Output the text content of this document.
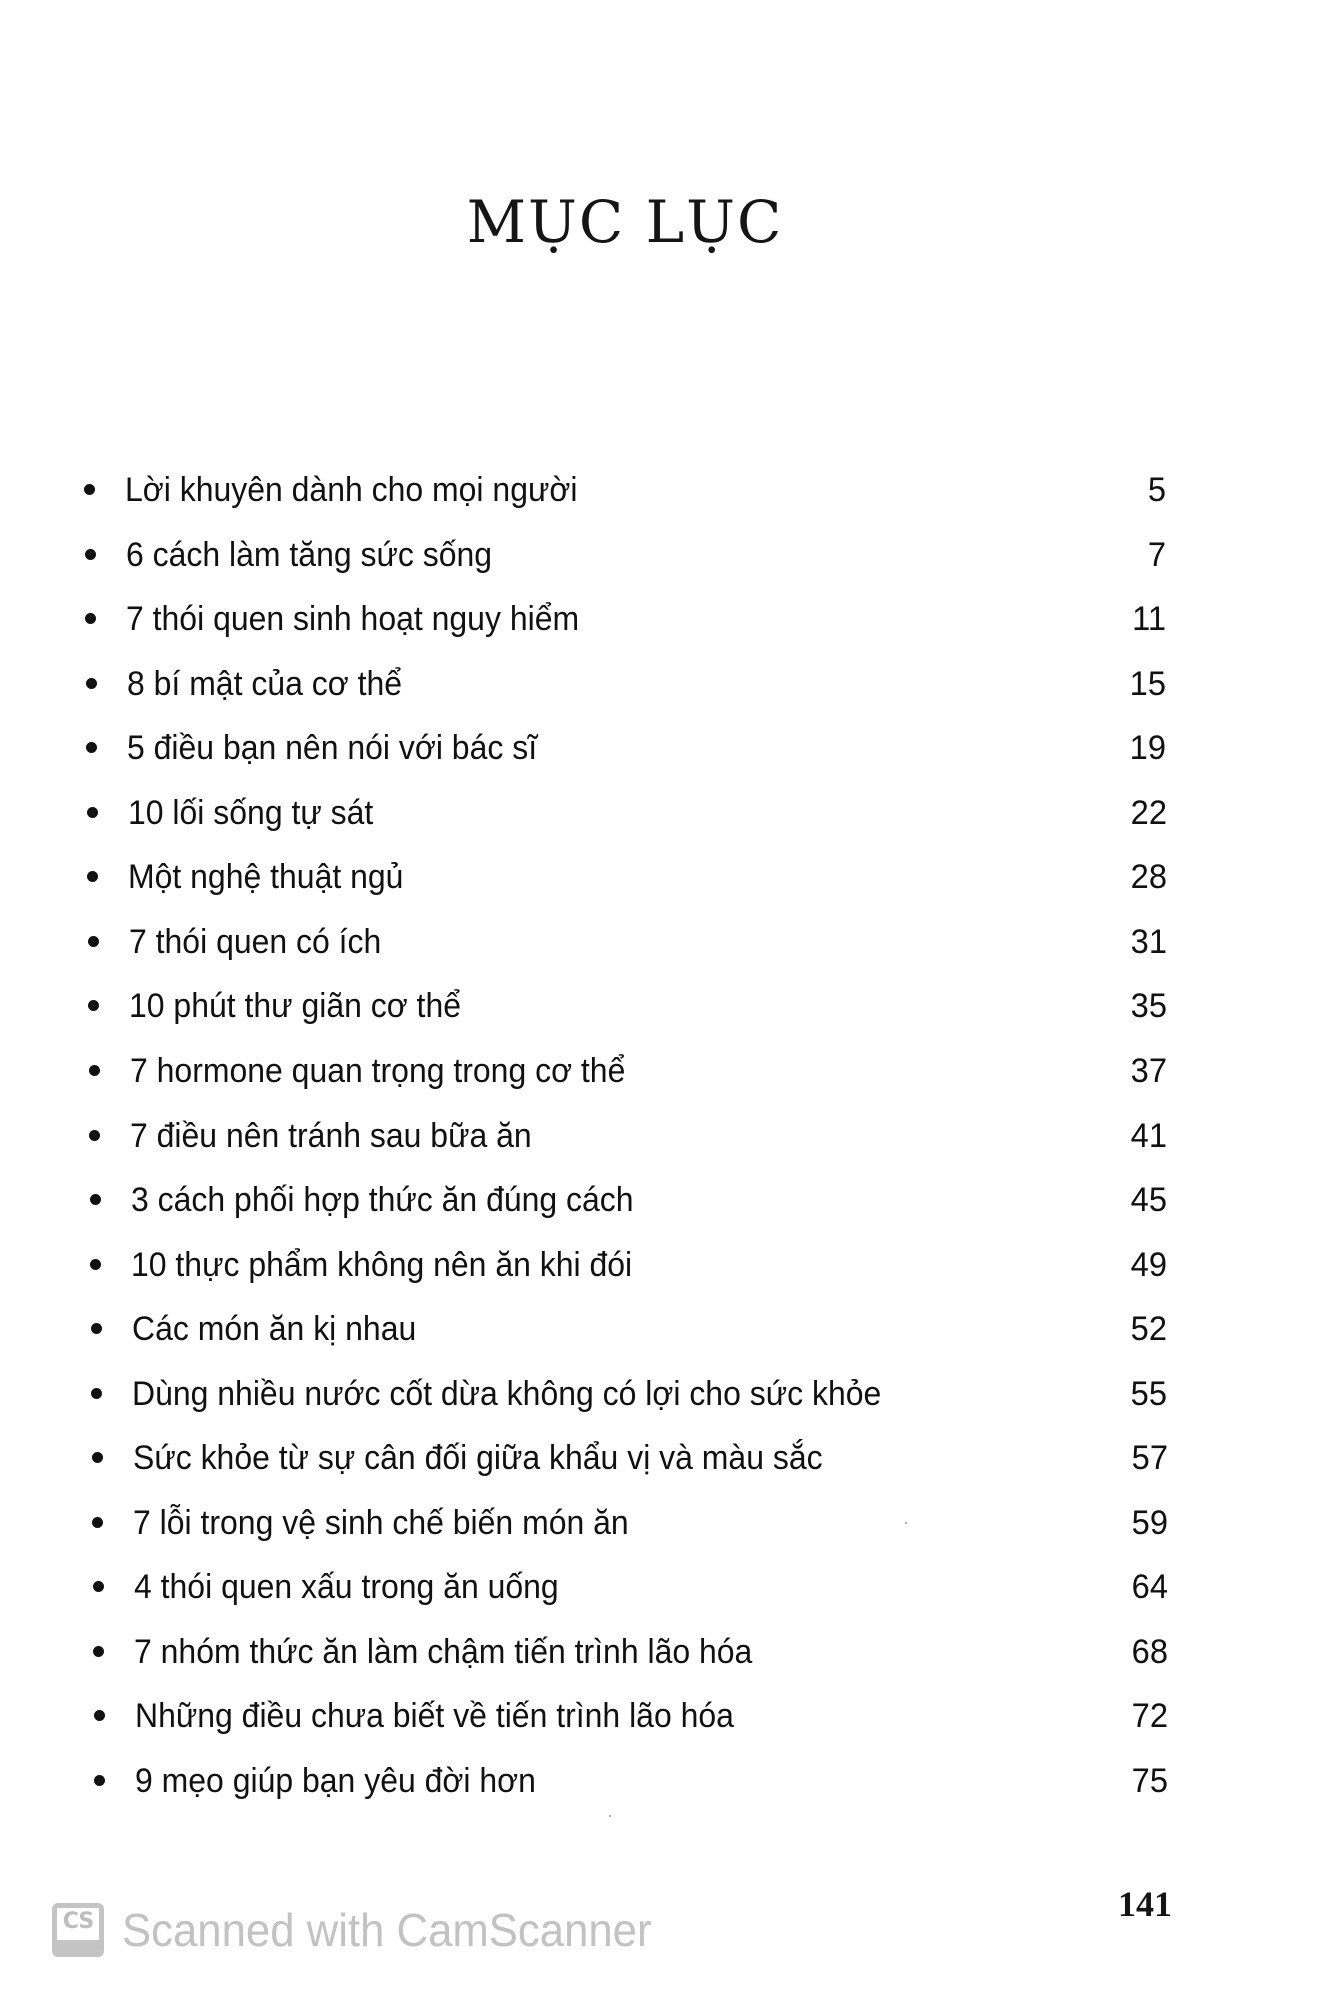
MỤC LỤC
Lời khuyên dành cho mọi người	5
6 cách làm tăng sức sống	7
7 thói quen sinh hoạt nguy hiểm	11
8 bí mật của cơ thể	15
5 điều bạn nên nói với bác sĩ	19
10 lối sống tự sát	22
Một nghệ thuật ngủ	28
7 thói quen có ích	31
10 phút thư giãn cơ thể	35
7 hormone quan trọng trong cơ thể	37
7 điều nên tránh sau bữa ăn	41
3 cách phối hợp thức ăn đúng cách	45
10 thực phẩm không nên ăn khi đói	49
Các món ăn kị nhau	52
Dùng nhiều nước cốt dừa không có lợi cho sức khỏe	55
Sức khỏe từ sự cân đối giữa khẩu vị và màu sắc	57
7 lỗi trong vệ sinh chế biến món ăn	59
4 thói quen xấu trong ăn uống	64
7 nhóm thức ăn làm chậm tiến trình lão hóa	68
Những điều chưa biết về tiến trình lão hóa	72
9 mẹo giúp bạn yêu đời hơn	75
141
CS Scanned with CamScanner
